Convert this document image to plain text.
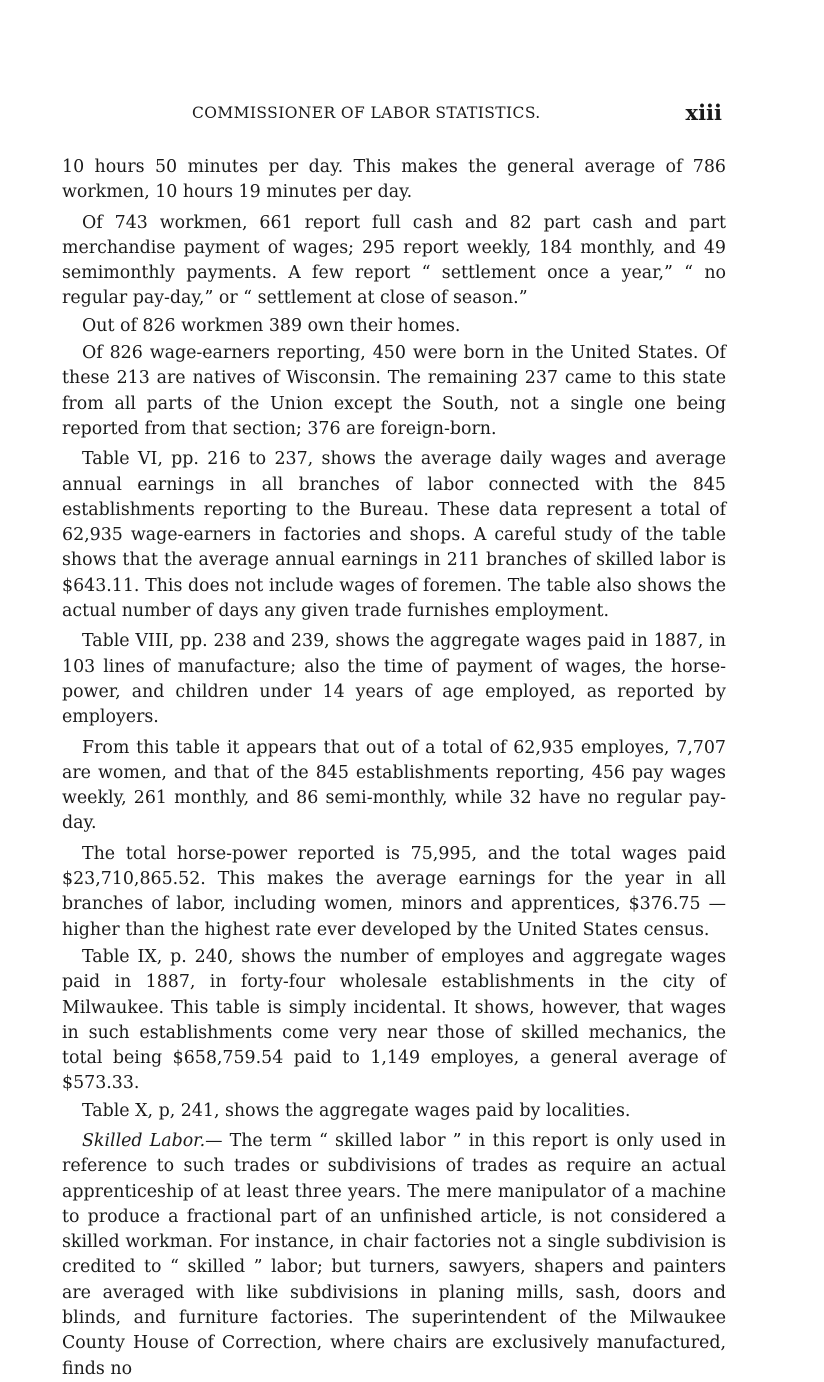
COMMISSIONER OF LABOR STATISTICS.	xiii

10 hours 50 minutes per day. This makes the general average of 786 workmen, 10 hours 19 minutes per day.

Of 743 workmen, 661 report full cash and 82 part cash and part merchandise payment of wages; 295 report weekly, 184 monthly, and 49 semimonthly payments. A few report “ settlement once a year,” “ no regular pay-day,” or “ settlement at close of season.”

Out of 826 workmen 389 own their homes.

Of 826 wage-earners reporting, 450 were born in the United States. Of these 213 are natives of Wisconsin. The remaining 237 came to this state from all parts of the Union except the South, not a single one being reported from that section; 376 are foreign-born.

Table VI, pp. 216 to 237, shows the average daily wages and average annual earnings in all branches of labor connected with the 845 establishments reporting to the Bureau. These data represent a total of 62,935 wage-earners in factories and shops. A careful study of the table shows that the average annual earnings in 211 branches of skilled labor is $643.11. This does not include wages of foremen. The table also shows the actual number of days any given trade furnishes employment.

Table VIII, pp. 238 and 239, shows the aggregate wages paid in 1887, in 103 lines of manufacture; also the time of payment of wages, the horse-power, and children under 14 years of age employed, as reported by employers.

From this table it appears that out of a total of 62,935 employes, 7,707 are women, and that of the 845 establishments reporting, 456 pay wages weekly, 261 monthly, and 86 semi-monthly, while 32 have no regular pay-day.

The total horse-power reported is 75,995, and the total wages paid $23,710,865.52. This makes the average earnings for the year in all branches of labor, including women, minors and apprentices, $376.75 — higher than the highest rate ever developed by the United States census.

Table IX, p. 240, shows the number of employes and aggregate wages paid in 1887, in forty-four wholesale establishments in the city of Milwaukee. This table is simply incidental. It shows, however, that wages in such establishments come very near those of skilled mechanics, the total being $658,759.54 paid to 1,149 employes, a general average of $573.33.

Table X, p, 241, shows the aggregate wages paid by localities.

Skilled Labor.— The term “ skilled labor ” in this report is only used in reference to such trades or subdivisions of trades as require an actual apprenticeship of at least three years. The mere manipulator of a machine to produce a fractional part of an unfinished article, is not considered a skilled workman. For instance, in chair factories not a single subdivision is credited to “ skilled ” labor; but turners, sawyers, shapers and painters are averaged with like subdivisions in planing mills, sash, doors and blinds, and furniture factories. The superintendent of the Milwaukee County House of Correction, where chairs are exclusively manufactured, finds no
